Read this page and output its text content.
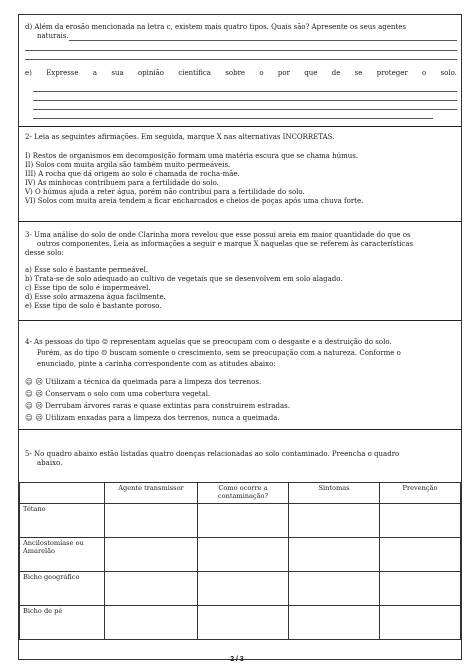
d) Além da erosão mencionada na letra c, existem mais quatro tipos. Quais são? Apresente os seus agentes
naturais.
e) Expresse a sua opinião científica sobre o por que de se proteger o solo.
2- Leia as seguintes afirmações. Em seguida, marque X nas alternativas INCORRETAS.
I) Restos de organismos em decomposição formam uma matéria escura que se chama húmus.
II) Solos com muita argila são também muito permeáveis.
III) A rocha que dá origem ao solo é chamada de rocha-mãe.
IV) As minhocas contribuem para a fertilidade do solo.
V) O húmus ajuda a reter água, porém não contribui para a fertilidade do solo.
VI) Solos com muita areia tendem a ficar encharcados e cheios de poças após uma chuva forte.
3- Uma análise do solo de onde Clarinha mora revelou que esse possui areia em maior quantidade do que os
outros componentes. Leia as informações a seguir e marque X naquelas que se referem às características
desse solo:
a) Esse solo é bastante permeável.
b) Trata-se de solo adequado ao cultivo de vegetais que se desenvolvem em solo alagado.
c) Esse tipo de solo é impermeável.
d) Esse solo armazena água facilmente.
e) Esse tipo de solo é bastante poroso.
4- As pessoas do tipo ☺ representam aquelas que se preocupam com o desgaste e a destruição do solo.
Porém, as do tipo ☹ buscam somente o crescimento, sem se preocupação com a natureza. Conforme o
enunciado, pinte a carinha correspondente com as atitudes abaixo:
☺ ☹ Utilizam a técnica da queimada para a limpeza dos terrenos.
☺ ☹ Conservam o solo com uma cobertura vegetal.
☺ ☹ Derrubam árvores raras e quase extintas para construirem estradas.
☺ ☹ Utilizam enxadas para a limpeza dos terrenos, nunca a queimada.
5- No quadro abaixo estão listadas quatro doenças relacionadas ao solo contaminado. Preencha o quadro
abaixo.
	Agente transmissor	Como ocorre a contaminação?	Sintomas	Prevenção
Tétano				
Ancilostomíase ou Amarelão				
Bicho geográfico				
Bicho de pé				
2 / 3
